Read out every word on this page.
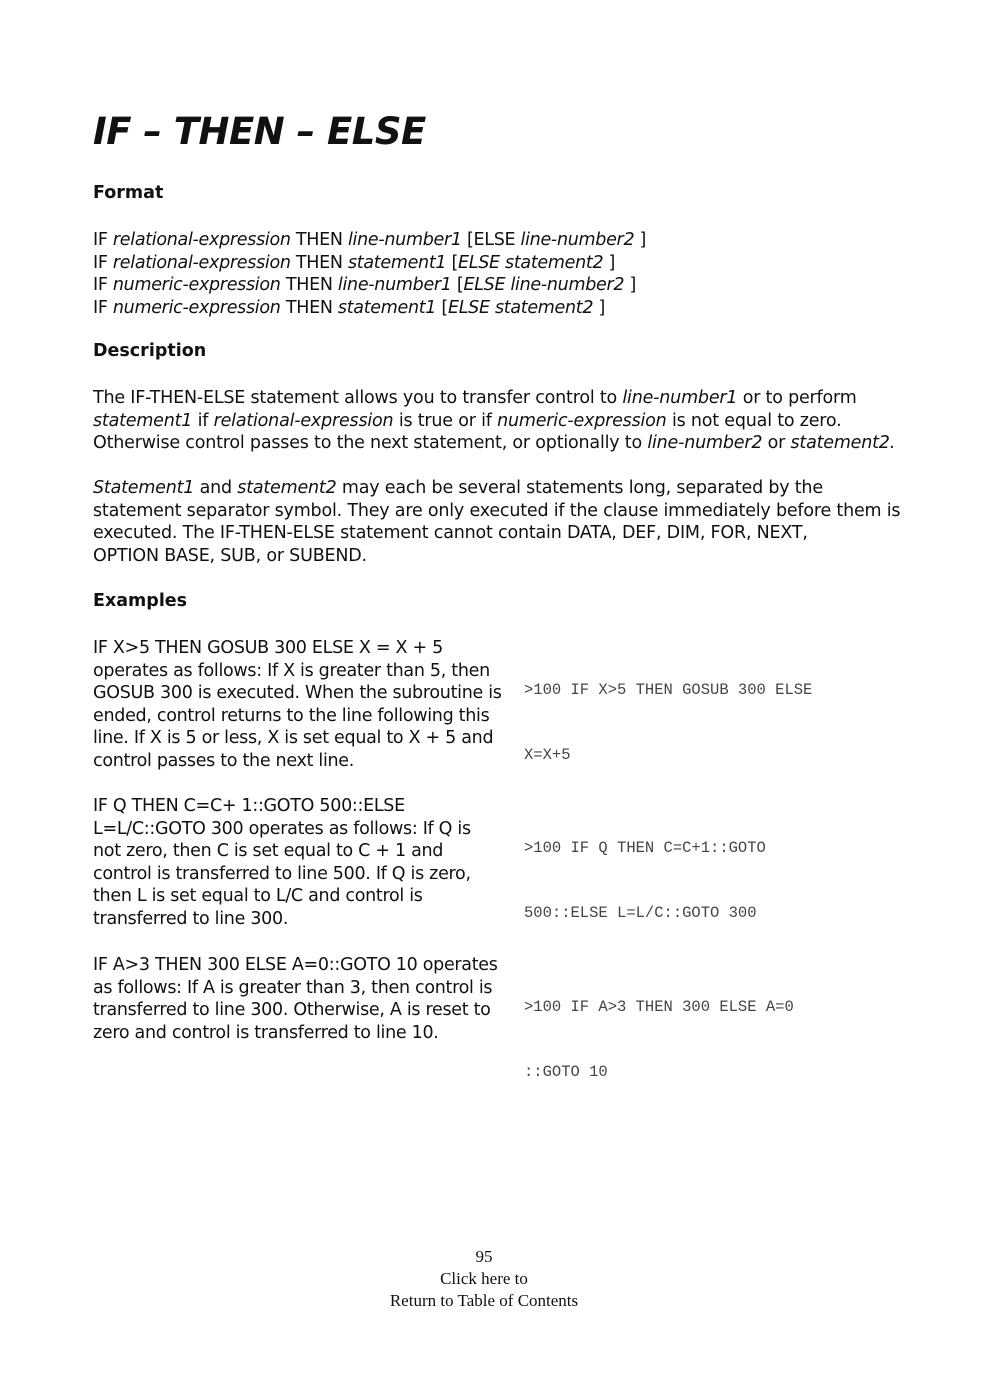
IF – THEN – ELSE
Format
IF relational-expression THEN line-number1 [ELSE line-number2 ]
IF relational-expression THEN statement1 [ELSE statement2 ]
IF numeric-expression THEN line-number1 [ELSE line-number2 ]
IF numeric-expression THEN statement1 [ELSE statement2 ]
Description
The IF-THEN-ELSE statement allows you to transfer control to line-number1 or to perform
statement1 if relational-expression is true or if numeric-expression is not equal to zero.
Otherwise control passes to the next statement, or optionally to line-number2 or statement2.
Statement1 and statement2 may each be several statements long, separated by the
statement separator symbol. They are only executed if the clause immediately before them is
executed. The IF-THEN-ELSE statement cannot contain DATA, DEF, DIM, FOR, NEXT,
OPTION BASE, SUB, or SUBEND.
Examples
IF X>5 THEN GOSUB 300 ELSE X = X + 5
operates as follows: If X is greater than 5, then
GOSUB 300 is executed. When the subroutine is
ended, control returns to the line following this
line. If X is 5 or less, X is set equal to X + 5 and
control passes to the next line.

>100 IF X>5 THEN GOSUB 300 ELSE

X=X+5

IF Q THEN C=C+ 1::GOTO 500::ELSE
L=L/C::GOTO 300 operates as follows: If Q is
not zero, then C is set equal to C + 1 and
control is transferred to line 500. If Q is zero,
then L is set equal to L/C and control is
transferred to line 300.

>100 IF Q THEN C=C+1::GOTO

500::ELSE L=L/C::GOTO 300

IF A>3 THEN 300 ELSE A=0::GOTO 10 operates
as follows: If A is greater than 3, then control is
transferred to line 300. Otherwise, A is reset to
zero and control is transferred to line 10.

>100 IF A>3 THEN 300 ELSE A=0

::GOTO 10

95
Click here to
Return to Table of Contents
